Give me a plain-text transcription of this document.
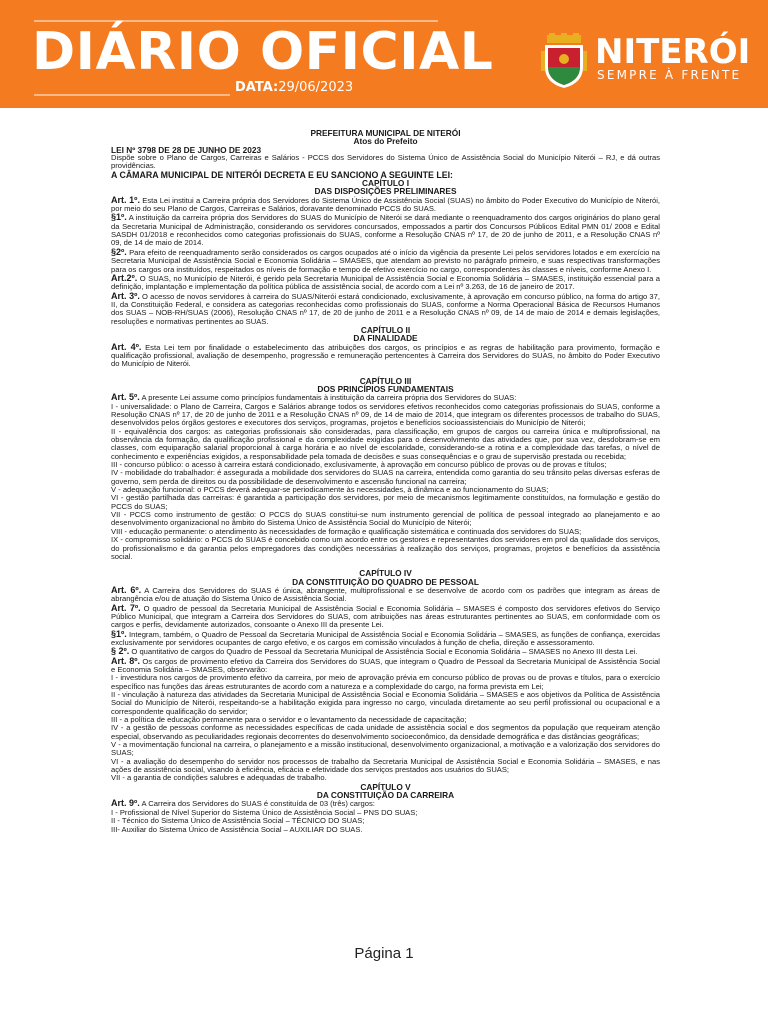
DIÁRIO OFICIAL
DATA:29/06/2023
NITERÓI
SEMPRE À FRENTE

PREFEITURA MUNICIPAL DE NITERÓI

Atos do Prefeito

LEI Nº 3798 DE 28 DE JUNHO DE 2023

Dispõe sobre o Plano de Cargos, Carreiras e Salários - PCCS dos Servidores do Sistema Único de Assistência Social do Município Niterói – RJ, e dá outras providências.

A CÂMARA MUNICIPAL DE NITERÓI DECRETA E EU SANCIONO A SEGUINTE LEI:

CAPÍTULO I

DAS DISPOSIÇÕES PRELIMINARES

Art. 1º. Esta Lei institui a Carreira própria dos Servidores do Sistema Único de Assistência Social (SUAS) no âmbito do Poder Executivo do Município de Niterói, por meio do seu Plano de Cargos, Carreiras e Salários, doravante denominado PCCS do SUAS.

§1º. A instituição da carreira própria dos Servidores do SUAS do Município de Niterói se dará mediante o reenquadramento dos cargos originários do plano geral da Secretaria Municipal de Administração, considerando os servidores concursados, empossados a partir dos Concursos Públicos Edital PMN 01/ 2008 e Edital SASDH 01/2018 e reconhecidos como categorias profissionais do SUAS, conforme a Resolução CNAS nº 17, de 20 de junho de 2011, e a Resolução CNAS nº 09, de 14 de maio de 2014.

§2º. Para efeito de reenquadramento serão considerados os cargos ocupados até o início da vigência da presente Lei pelos servidores lotados e em exercício na Secretaria Municipal de Assistência Social e Economia Solidária – SMASES, que atendam ao previsto no parágrafo primeiro, e suas respectivas transformações para os cargos ora instituídos, respeitados os níveis de formação e tempo de efetivo exercício no cargo, correspondentes às classes e níveis, conforme Anexo I.

Art.2º. O SUAS, no Município de Niterói, é gerido pela Secretaria Municipal de Assistência Social e Economia Solidária – SMASES, instituição essencial para a definição, implantação e implementação da política pública de assistência social, de acordo com a Lei nº 3.263, de 16 de janeiro de 2017.

Art. 3º. O acesso de novos servidores à carreira do SUAS/Niterói estará condicionado, exclusivamente, à aprovação em concurso público, na forma do artigo 37, II, da Constituição Federal, e considera as categorias reconhecidas como profissionais do SUAS, conforme a Norma Operacional Básica de Recursos Humanos dos SUAS – NOB-RH/SUAS (2006), Resolução CNAS nº 17, de 20 de junho de 2011 e a Resolução CNAS nº 09, de 14 de maio de 2014 e demais legislações, resoluções e normativas pertinentes ao SUAS.

CAPÍTULO II

DA FINALIDADE

Art. 4º. Esta Lei tem por finalidade o estabelecimento das atribuições dos cargos, os princípios e as regras de habilitação para provimento, formação e qualificação profissional, avaliação de desempenho, progressão e remuneração pertencentes à Carreira dos Servidores do SUAS, no âmbito do Poder Executivo do Município de Niterói.

CAPÍTULO III

DOS PRINCÍPIOS FUNDAMENTAIS

Art. 5º. A presente Lei assume como princípios fundamentais à instituição da carreira própria dos Servidores do SUAS:

I - universalidade: o Plano de Carreira, Cargos e Salários abrange todos os servidores efetivos reconhecidos como categorias profissionais do SUAS, conforme a Resolução CNAS nº 17, de 20 de junho de 2011 e a Resolução CNAS nº 09, de 14 de maio de 2014, que integram os diferentes processos de trabalho do SUAS, desenvolvidos pelos órgãos gestores e executores dos serviços, programas, projetos e benefícios socioassistenciais do Município de Niterói;

II - equivalência dos cargos: as categorias profissionais são consideradas, para classificação, em grupos de cargos ou carreira única e multiprofissional, na observância da formação, da qualificação profissional e da complexidade exigidas para o desenvolvimento das atividades que, por sua vez, desdobram-se em classes, com equiparação salarial proporcional à carga horária e ao nível de escolaridade, considerando-se a rotina e a complexidade das tarefas, o nível de conhecimento e experiências exigidos, a responsabilidade pela tomada de decisões e suas consequências e o grau de supervisão prestada ou recebida;

III - concurso público: o acesso à carreira estará condicionado, exclusivamente, à aprovação em concurso público de provas ou de provas e títulos;

IV - mobilidade do trabalhador: é assegurada a mobilidade dos servidores do SUAS na carreira, entendida como garantia do seu trânsito pelas diversas esferas de governo, sem perda de direitos ou da possibilidade de desenvolvimento e ascensão funcional na carreira;

V - adequação funcional: o PCCS deverá adequar-se periodicamente às necessidades, à dinâmica e ao funcionamento do SUAS;

VI - gestão partilhada das carreiras: é garantida a participação dos servidores, por meio de mecanismos legitimamente constituídos, na formulação e gestão do PCCS do SUAS;

VII - PCCS como instrumento de gestão: O PCCS do SUAS constitui-se num instrumento gerencial de política de pessoal integrado ao planejamento e ao desenvolvimento organizacional no âmbito do Sistema Único de Assistência Social do Município de Niterói;

VIII - educação permanente: o atendimento às necessidades de formação e qualificação sistemática e continuada dos servidores do SUAS;

IX - compromisso solidário: o PCCS do SUAS é concebido como um acordo entre os gestores e representantes dos servidores em prol da qualidade dos serviços, do profissionalismo e da garantia pelos empregadores das condições necessárias à realização dos serviços, programas, projetos e benefícios da assistência social.

CAPÍTULO IV

DA CONSTITUIÇÃO DO QUADRO DE PESSOAL

Art. 6º. A Carreira dos Servidores do SUAS é única, abrangente, multiprofissional e se desenvolve de acordo com os padrões que integram as áreas de abrangência e/ou de atuação do Sistema Único de Assistência Social.

Art. 7º. O quadro de pessoal da Secretaria Municipal de Assistência Social e Economia Solidária – SMASES é composto dos servidores efetivos do Serviço Público Municipal, que integram a Carreira dos Servidores do SUAS, com atribuições nas áreas estruturantes pertinentes ao SUAS, em conformidade com os cargos e perfis, devidamente autorizados, consoante o Anexo III da presente Lei.

§1º. Integram, também, o Quadro de Pessoal da Secretaria Municipal de Assistência Social e Economia Solidária – SMASES, as funções de confiança, exercidas exclusivamente por servidores ocupantes de cargo efetivo, e os cargos em comissão vinculados à função de chefia, direção e assessoramento.

§ 2º. O quantitativo de cargos do Quadro de Pessoal da Secretaria Municipal de Assistência Social e Economia Solidária – SMASES no Anexo III desta Lei.

Art. 8º. Os cargos de provimento efetivo da Carreira dos Servidores do SUAS, que integram o Quadro de Pessoal da Secretaria Municipal de Assistência Social e Economia Solidária – SMASES, observarão:

I - investidura nos cargos de provimento efetivo da carreira, por meio de aprovação prévia em concurso público de provas ou de provas e títulos, para o exercício específico nas funções das áreas estruturantes de acordo com a natureza e a complexidade do cargo, na forma prevista em Lei;

II - vinculação à natureza das atividades da Secretaria Municipal de Assistência Social e Economia Solidária – SMASES e aos objetivos da Política de Assistência Social do Município de Niterói, respeitando-se a habilitação exigida para ingresso no cargo, vinculada diretamente ao seu perfil profissional ou ocupacional e a correspondente qualificação do servidor;

III - a política de educação permanente para o servidor e o levantamento da necessidade de capacitação;

IV - a gestão de pessoas conforme as necessidades específicas de cada unidade de assistência social e dos segmentos da população que requeiram atenção especial, observando as peculiaridades regionais decorrentes do desenvolvimento socioeconômico, da densidade demográfica e das distâncias geográficas;

V - a movimentação funcional na carreira, o planejamento e a missão institucional, desenvolvimento organizacional, a motivação e a valorização dos servidores do SUAS;

VI - a avaliação do desempenho do servidor nos processos de trabalho da Secretaria Municipal de Assistência Social e Economia Solidária – SMASES, e nas ações de assistência social, visando à eficiência, eficácia e efetividade dos serviços prestados aos usuários do SUAS;

VII - a garantia de condições salubres e adequadas de trabalho.

CAPÍTULO V

DA CONSTITUIÇÃO DA CARREIRA

Art. 9º. A Carreira dos Servidores do SUAS é constituída de 03 (três) cargos:

I - Profissional de Nível Superior do Sistema Único de Assistência Social – PNS DO SUAS;

II - Técnico do Sistema Único de Assistência Social – TÉCNICO DO SUAS;

III- Auxiliar do Sistema Único de Assistência Social – AUXILIAR DO SUAS.

Página 1
